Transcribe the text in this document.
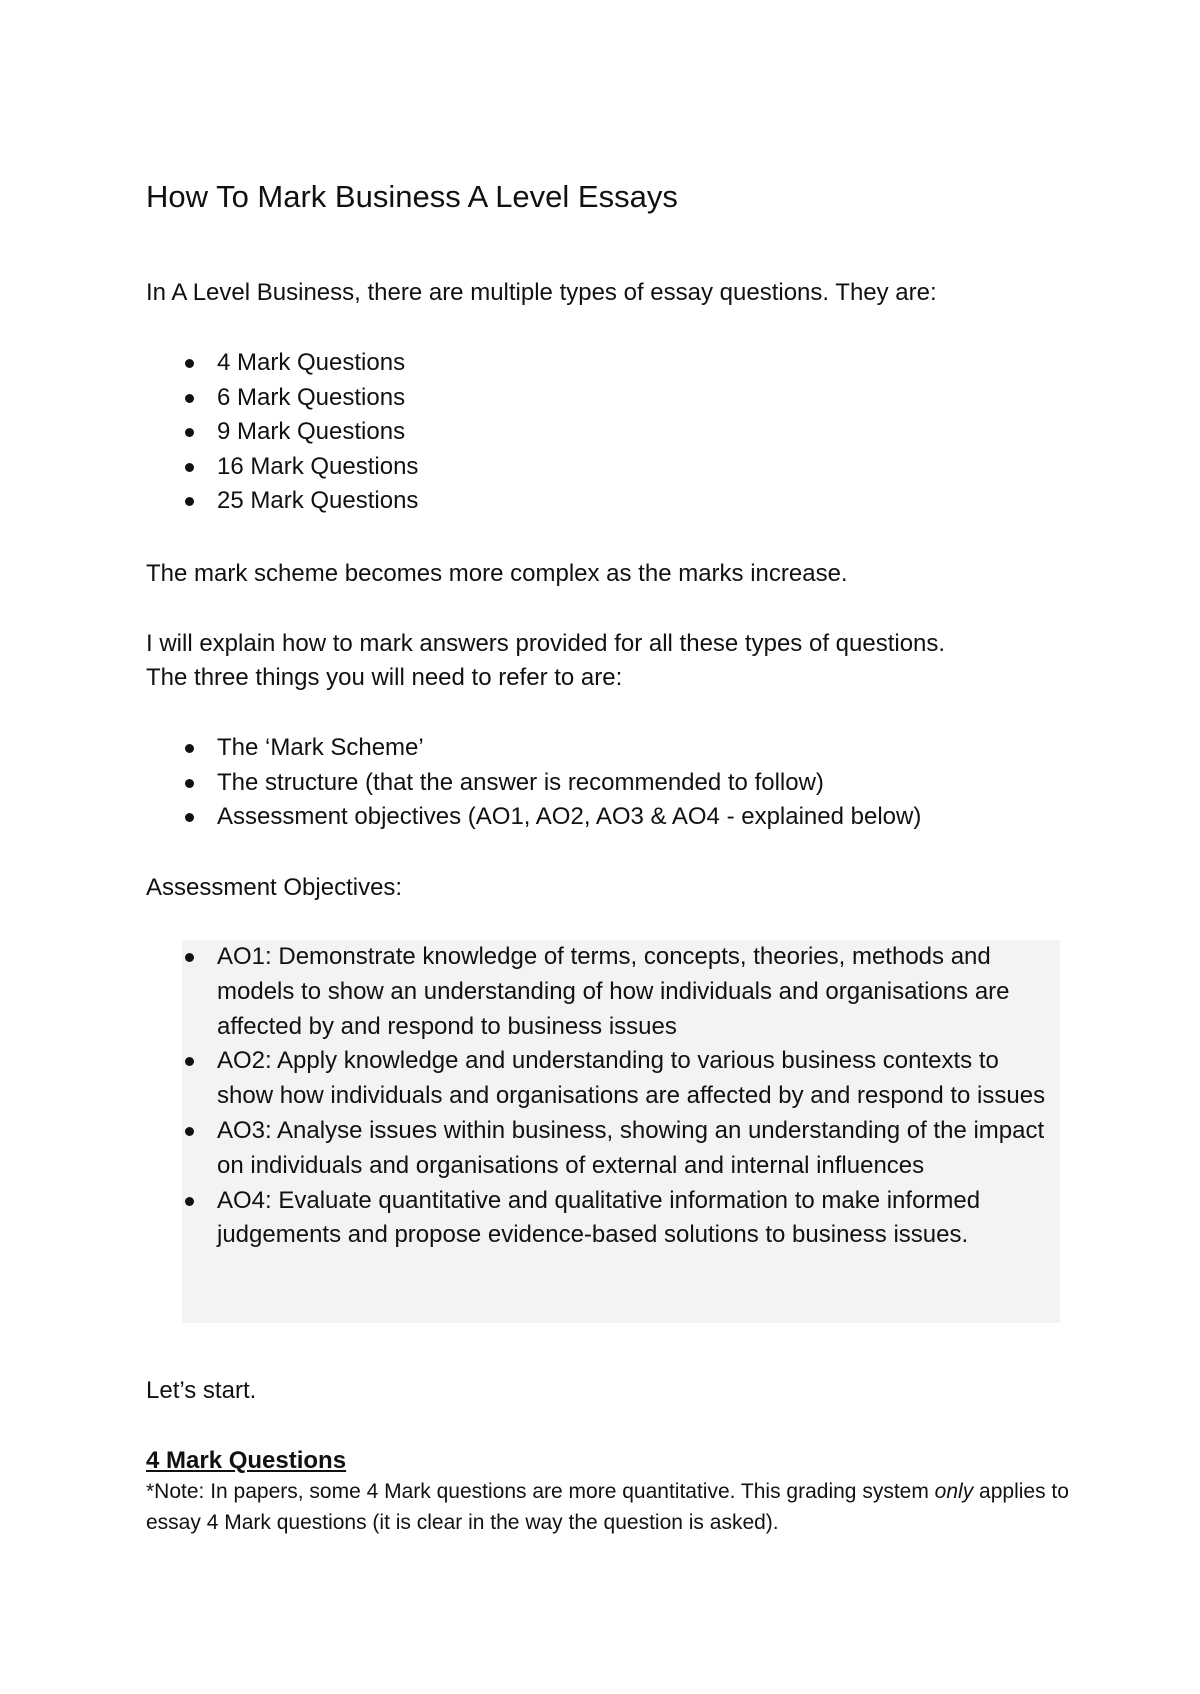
How To Mark Business A Level Essays

In A Level Business, there are multiple types of essay questions. They are:

4 Mark Questions
6 Mark Questions
9 Mark Questions
16 Mark Questions
25 Mark Questions

The mark scheme becomes more complex as the marks increase.

I will explain how to mark answers provided for all these types of questions.

The three things you will need to refer to are:

The ‘Mark Scheme’
The structure (that the answer is recommended to follow)
Assessment objectives (AO1, AO2, AO3 & AO4 - explained below)

Assessment Objectives:

AO1: Demonstrate knowledge of terms, concepts, theories, methods and models to show an understanding of how individuals and organisations are affected by and respond to business issues
AO2: Apply knowledge and understanding to various business contexts to show how individuals and organisations are affected by and respond to issues
AO3: Analyse issues within business, showing an understanding of the impact on individuals and organisations of external and internal influences
AO4: Evaluate quantitative and qualitative information to make informed judgements and propose evidence-based solutions to business issues.

Let’s start.

4 Mark Questions

*Note: In papers, some 4 Mark questions are more quantitative. This grading system only applies to essay 4 Mark questions (it is clear in the way the question is asked).
